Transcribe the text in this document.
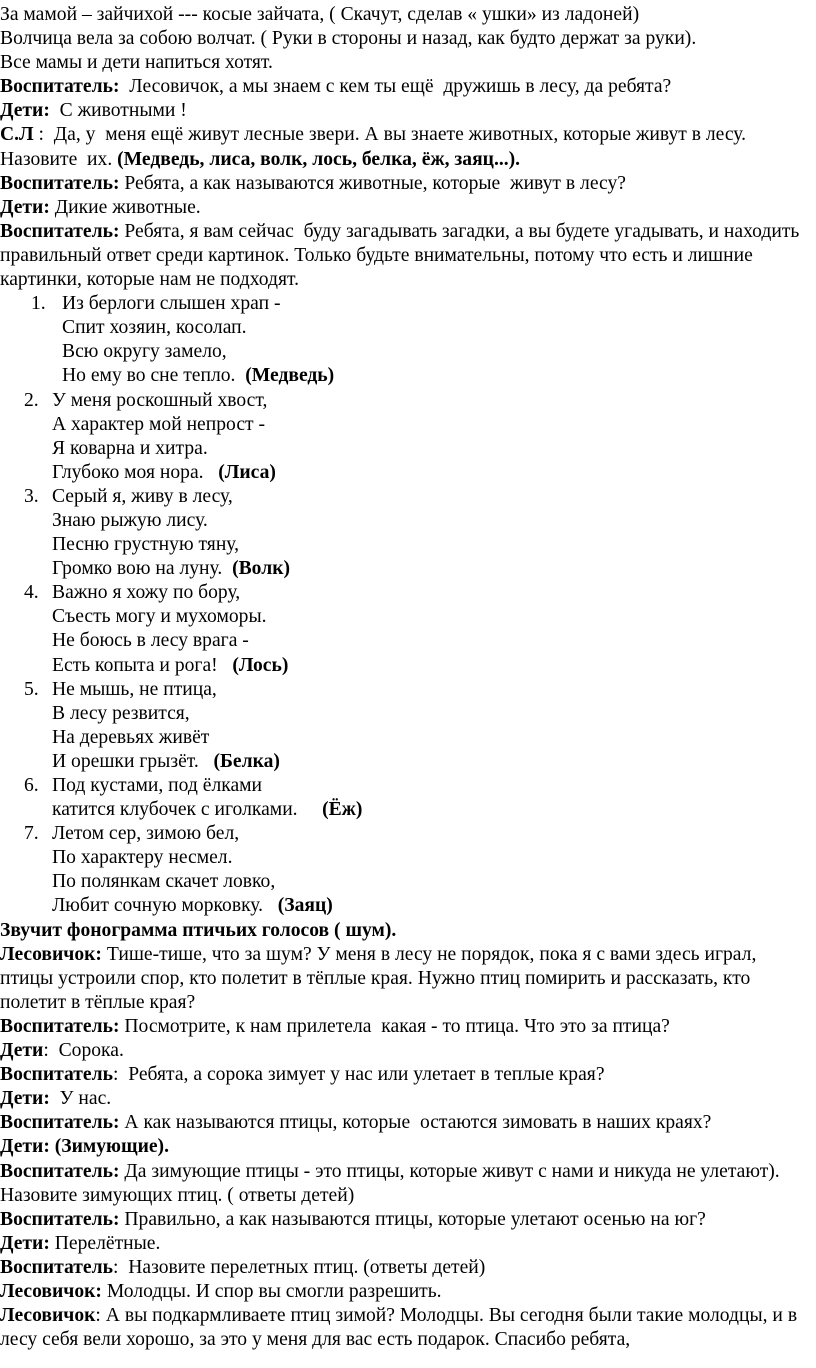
За мамой – зайчихой --- косые зайчата, ( Скачут, сделав « ушки» из ладоней)

Волчица вела за собою волчат. ( Руки в стороны и назад, как будто держат за руки).

Все мамы и дети напиться хотят.

Воспитатель:  Лесовичок, а мы знаем с кем ты ещё  дружишь в лесу, да ребята?

Дети:  С животными !

С.Л :  Да, у  меня ещё живут лесные звери. А вы знаете животных, которые живут в лесу. Назовите  их. (Медведь, лиса, волк, лось, белка, ёж, заяц...).

Воспитатель: Ребята, а как называются животные, которые  живут в лесу?

Дети: Дикие животные.

Воспитатель: Ребята, я вам сейчас  буду загадывать загадки, а вы будете угадывать, и находить правильный ответ среди картинок. Только будьте внимательны, потому что есть и лишние картинки, которые нам не подходят.

1. Из берлоги слышен храп -
Спит хозяин, косолап.
Всю округу замело,
Но ему во сне тепло.  (Медведь)
2. У меня роскошный хвост,
А характер мой непрост -
Я коварна и хитра.
Глубоко моя нора.   (Лиса)
3. Серый я, живу в лесу,
Знаю рыжую лису.
Песню грустную тяну,
Громко вою на луну.  (Волк)
4. Важно я хожу по бору,
Съесть могу и мухоморы.
Не боюсь в лесу врага -
Есть копыта и рога!   (Лось)
5. Не мышь, не птица,
В лесу резвится,
На деревьях живёт
И орешки грызёт.   (Белка)
6. Под кустами, под ёлками
катится клубочек с иголками.     (Ёж)
7. Летом сер, зимою бел,
По характеру несмел.
По полянкам скачет ловко,
Любит сочную морковку.   (Заяц)

Звучит фонограмма птичьих голосов ( шум).

Лесовичок: Тише-тише, что за шум? У меня в лесу не порядок, пока я с вами здесь играл, птицы устроили спор, кто полетит в тёплые края. Нужно птиц помирить и рассказать, кто полетит в тёплые края?

Воспитатель: Посмотрите, к нам прилетела  какая - то птица. Что это за птица?

Дети:  Сорока.

Воспитатель:  Ребята, а сорока зимует у нас или улетает в теплые края?

Дети:  У нас.

Воспитатель: А как называются птицы, которые  остаются зимовать в наших краях?

Дети: (Зимующие).

Воспитатель: Да зимующие птицы - это птицы, которые живут с нами и никуда не улетают). Назовите зимующих птиц. ( ответы детей)

Воспитатель: Правильно, а как называются птицы, которые улетают осенью на юг?

Дети: Перелётные.

Воспитатель:  Назовите перелетных птиц. (ответы детей)

Лесовичок: Молодцы. И спор вы смогли разрешить.

Лесовичок: А вы подкармливаете птиц зимой? Молодцы. Вы сегодня были такие молодцы, и в лесу себя вели хорошо, за это у меня для вас есть подарок. Спасибо ребята,
